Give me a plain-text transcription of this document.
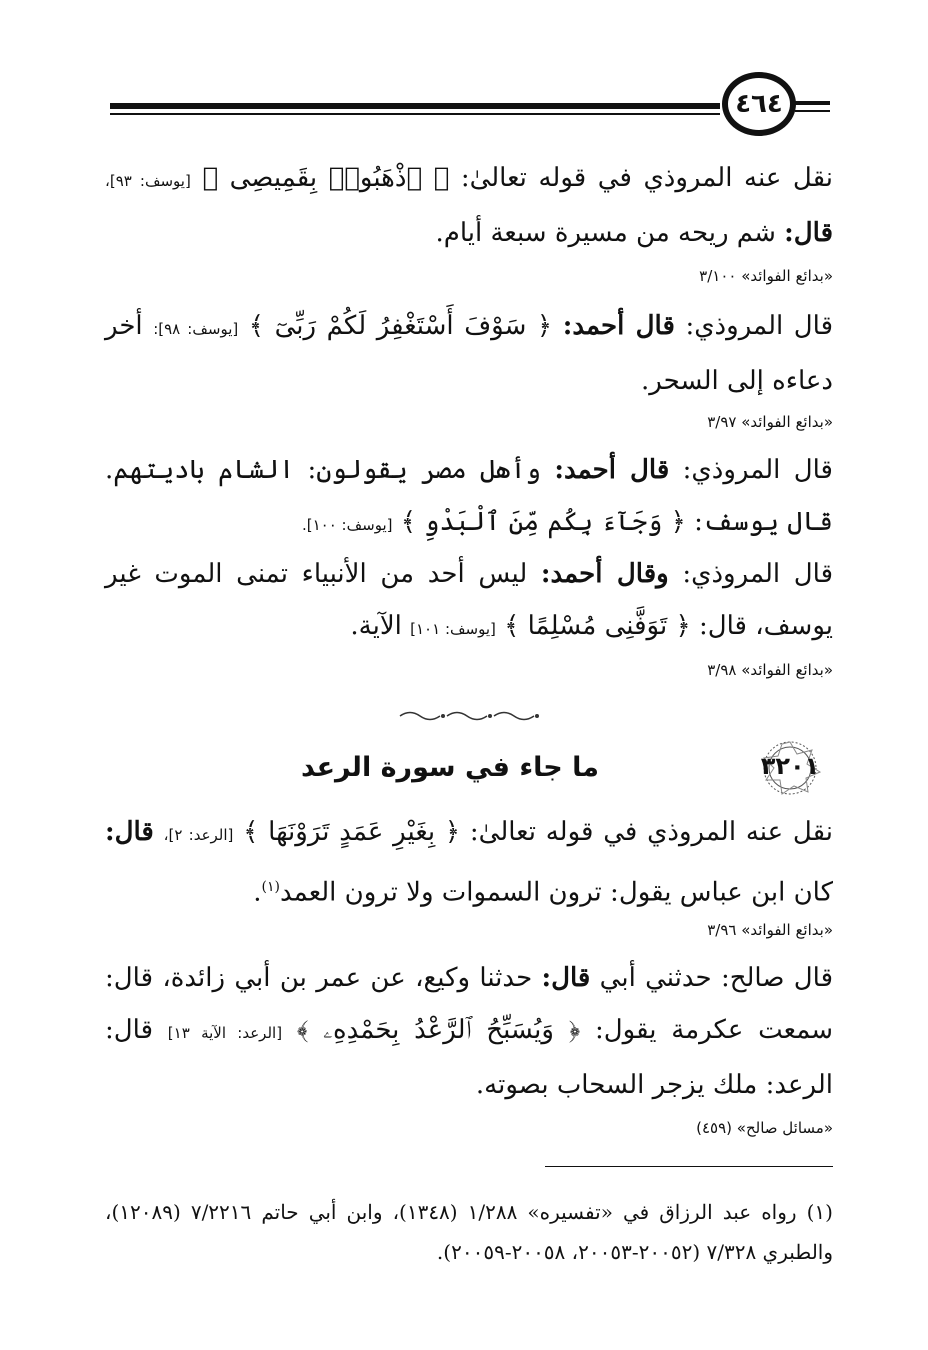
٤٦٤

نقل عنه المروذي في قوله تعالىٰ: ﴿ ٱذْهَبُوا۟ بِقَمِيصِى ﴾ [يوسف: ٩٣]، قال: شم ريحه من مسيرة سبعة أيام.

«بدائع الفوائد» ٣/١٠٠

قال المروذي: قال أحمد: ﴿ سَوْفَ أَسْتَغْفِرُ لَكُمْ رَبِّىٓ ﴾ [يوسف: ٩٨]: أخر دعاءه إلى السحر.

«بدائع الفوائد» ٣/٩٧

قال المروذي: قال أحمد: وأهل مصر يقولون: الشام باديتهم. قال يوسف: ﴿ وَجَآءَ بِكُم مِّنَ ٱلْبَدْوِ ﴾ [يوسف: ١٠٠].

قال المروذي: وقال أحمد: ليس أحد من الأنبياء تمنى الموت غير يوسف، قال: ﴿ تَوَفَّنِى مُسْلِمًا ﴾ [يوسف: ١٠١] الآية.

«بدائع الفوائد» ٣/٩٨
٣٢٠١
ما جاء في سورة الرعد

نقل عنه المروذي في قوله تعالىٰ: ﴿ بِغَيْرِ عَمَدٍ تَرَوْنَهَا ﴾ [الرعد: ٢]، قال: كان ابن عباس يقول: ترون السموات ولا ترون العمد$^{(١)}$.

«بدائع الفوائد» ٣/٩٦

قال صالح: حدثني أبي قال: حدثنا وكيع، عن عمر بن أبي زائدة، قال: سمعت عكرمة يقول: ﴿ وَيُسَبِّحُ ٱلرَّعْدُ بِحَمْدِهِۦ ﴾ [الرعد: الآية ١٣] قال: الرعد: ملك يزجر السحاب بصوته.

«مسائل صالح» (٤٥٩)

(١) رواه عبد الرزاق في «تفسيره» ١/٢٨٨ (١٣٤٨)، وابن أبي حاتم ٧/٢٢١٦ (١٢٠٨٩)، والطبري ٧/٣٢٨ (٢٠٠٥٢-٢٠٠٥٣، ٢٠٠٥٨-٢٠٠٥٩).
